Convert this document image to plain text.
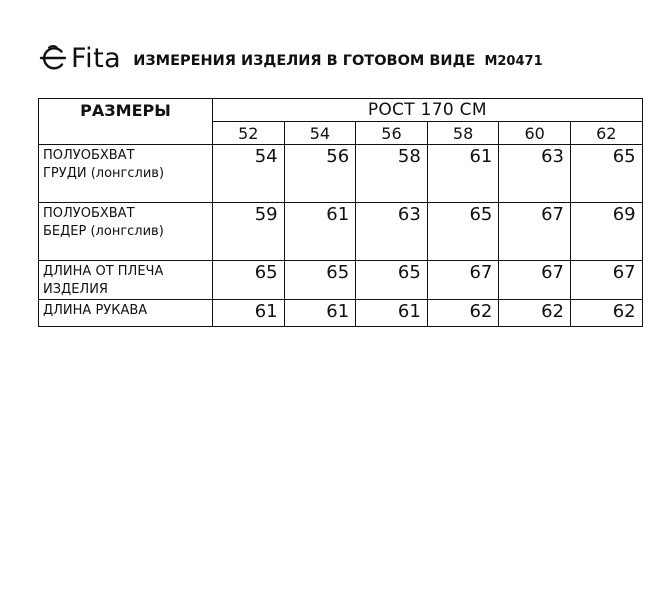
Fita ИЗМЕРЕНИЯ ИЗДЕЛИЯ В ГОТОВОМ ВИДЕ M20471
РАЗМЕРЫ	РОСТ 170 СМ					
	52	54	56	58	60	62
ПОЛУОБХВАТ
ГРУДИ (лонгслив)	54	56	58	61	63	65
ПОЛУОБХВАТ
БЕДЕР (лонгслив)	59	61	63	65	67	69
ДЛИНА ОТ ПЛЕЧА
ИЗДЕЛИЯ	65	65	65	67	67	67
ДЛИНА РУКАВА	61	61	61	62	62	62
